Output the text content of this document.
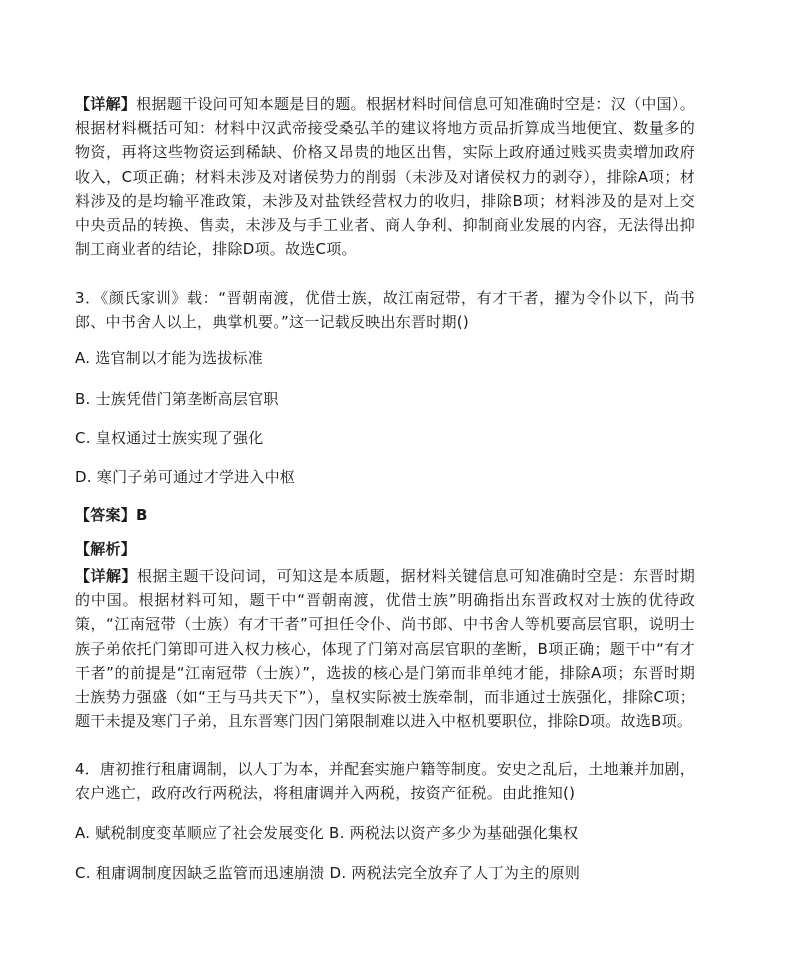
【详解】根据题干设问可知本题是目的题。根据材料时间信息可知准确时空是：汉（中国）。根据材料概括可知：材料中汉武帝接受桑弘羊的建议将地方贡品折算成当地便宜、数量多的物资，再将这些物资运到稀缺、价格又昂贵的地区出售，实际上政府通过贱买贵卖增加政府收入，C项正确；材料未涉及对诸侯势力的削弱（未涉及对诸侯权力的剥夺），排除A项；材料涉及的是均输平准政策，未涉及对盐铁经营权力的收归，排除B项；材料涉及的是对上交中央贡品的转换、售卖，未涉及与手工业者、商人争利、抑制商业发展的内容，无法得出抑制工商业者的结论，排除D项。故选C项。

3．《颜氏家训》载：“晋朝南渡，优借士族，故江南冠带，有才干者，擢为令仆以下，尚书郎、中书舍人以上，典掌机要。”这一记载反映出东晋时期()

A. 选官制以才能为选拔标准

B. 士族凭借门第垄断高层官职

C. 皇权通过士族实现了强化

D. 寒门子弟可通过才学进入中枢

【答案】B

【解析】

【详解】根据主题干设问词，可知这是本质题，据材料关键信息可知准确时空是：东晋时期的中国。根据材料可知，题干中“晋朝南渡，优借士族”明确指出东晋政权对士族的优待政策，“江南冠带（士族）有才干者”可担任令仆、尚书郎、中书舍人等机要高层官职，说明士族子弟依托门第即可进入权力核心，体现了门第对高层官职的垄断，B项正确；题干中“有才干者”的前提是“江南冠带（士族）”，选拔的核心是门第而非单纯才能，排除A项；东晋时期士族势力强盛（如“王与马共天下”），皇权实际被士族牵制，而非通过士族强化，排除C项；题干未提及寒门子弟，且东晋寒门因门第限制难以进入中枢机要职位，排除D项。故选B项。

4．唐初推行租庸调制，以人丁为本，并配套实施户籍等制度。安史之乱后，土地兼并加剧，农户逃亡，政府改行两税法，将租庸调并入两税，按资产征税。由此推知()

A. 赋税制度变革顺应了社会发展变化 B. 两税法以资产多少为基础强化集权

C. 租庸调制度因缺乏监管而迅速崩溃 D. 两税法完全放弃了人丁为主的原则
